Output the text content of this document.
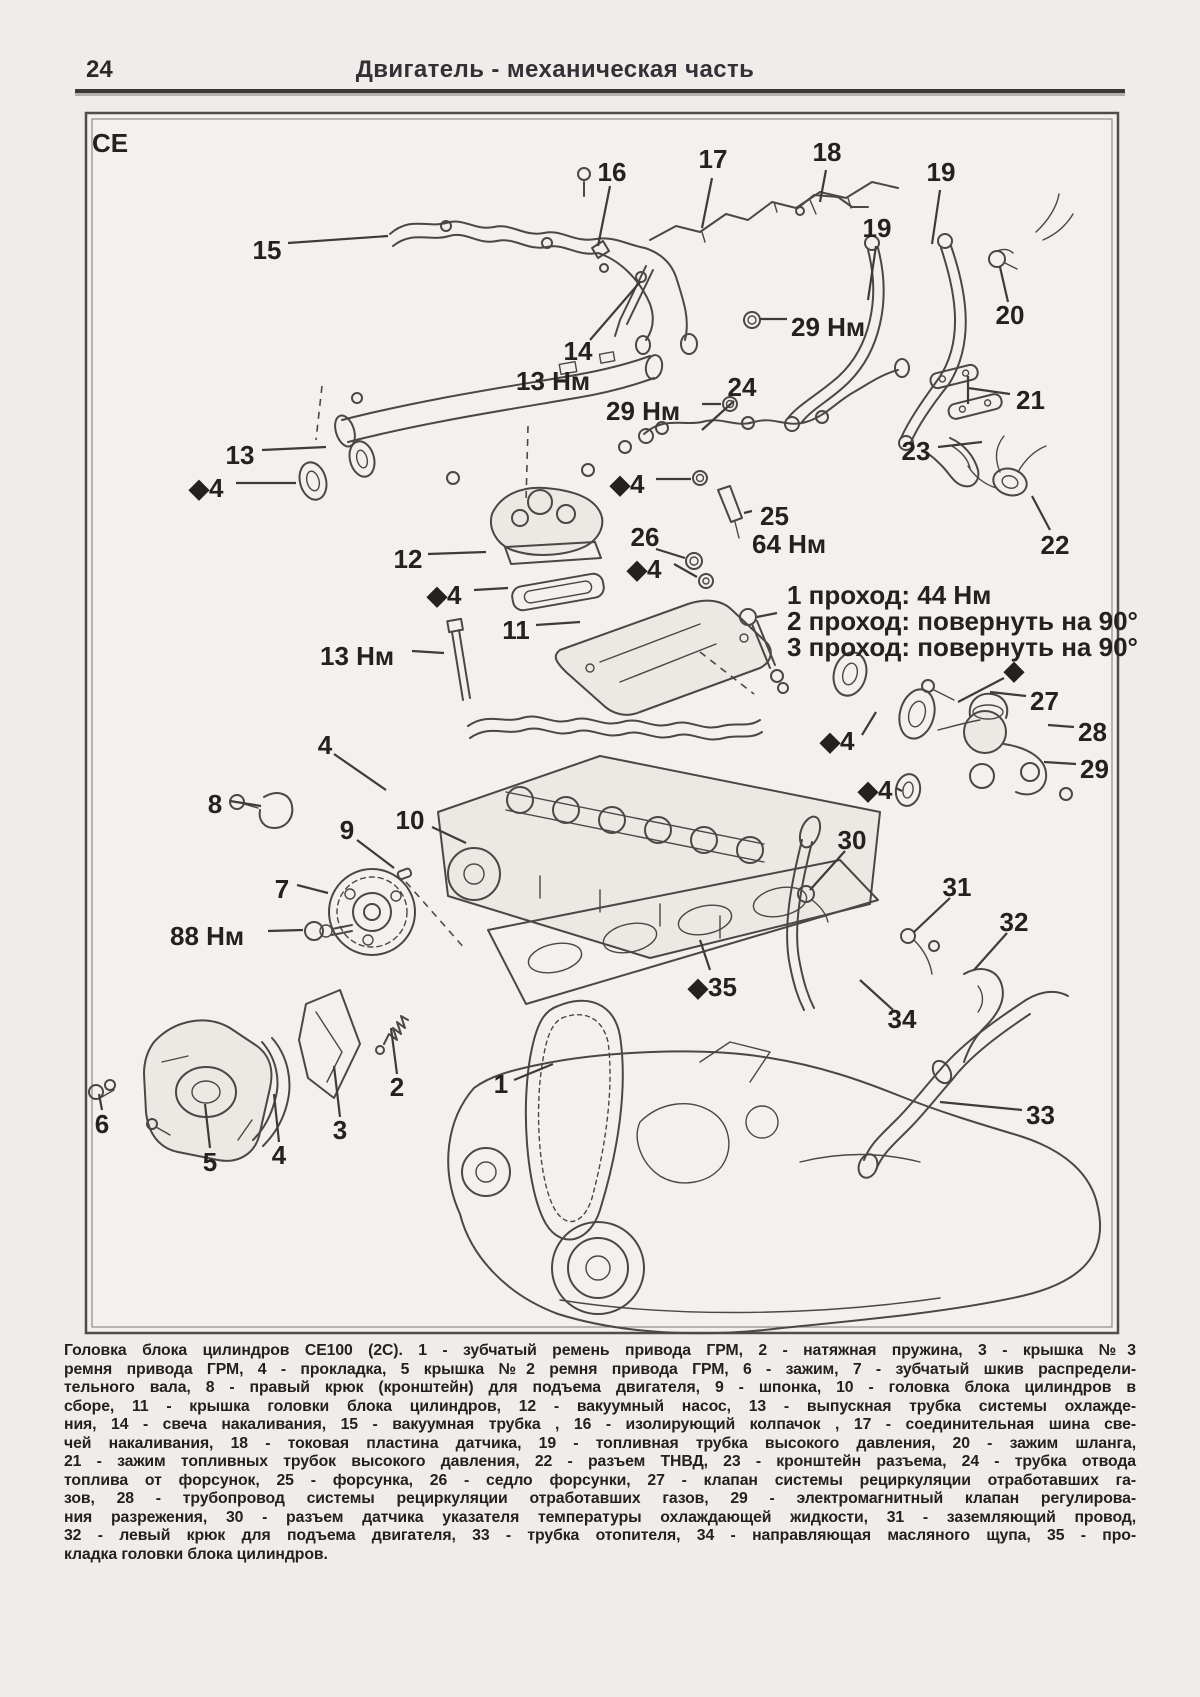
24	Двигатель - механическая часть
CE
15
16	17	18
19
19
20
29 Нм
14
13 Нм	24
29 Нм	21
23
13
◆4	◆4
25
64 Нм
26
◆4
22
12
◆4	1 проход: 44 Нм
2 проход: повернуть на 90°
3 проход: повернуть на 90°
11
13 Нм	◆
27
28
29
◆4
◆4
4
8
10
9
7
88 Нм
30
31
32
◆35
34
1
33
6
5 4
3
2
Головка блока цилиндров CE100 (2C). 1 - зубчатый ремень привода ГРМ, 2 - натяжная пружина, 3 - крышка №3
ремня привода ГРМ, 4 - прокладка, 5 крышка №2 ремня привода ГРМ, 6 - зажим, 7 - зубчатый шкив распредели-
тельного вала, 8 - правый крюк (кронштейн) для подъема двигателя, 9 - шпонка, 10 - головка блока цилиндров в
сборе, 11 - крышка головки блока цилиндров, 12 - вакуумный насос, 13 - выпускная трубка системы охлажде-
ния, 14 - свеча накаливания, 15 - вакуумная трубка , 16 - изолирующий колпачок , 17 - соединительная шина све-
чей накаливания, 18 - токовая пластина датчика, 19 - топливная трубка высокого давления, 20 - зажим шланга,
21 - зажим топливных трубок высокого давления, 22 - разъем ТНВД, 23 - кронштейн разъема, 24 - трубка отвода
топлива от форсунок, 25 - форсунка, 26 - седло форсунки, 27 - клапан системы рециркуляции отработавших га-
зов, 28 - трубопровод системы рециркуляции отработавших газов, 29 - электромагнитный клапан регулирова-
ния разрежения, 30 - разъем датчика указателя температуры охлаждающей жидкости, 31 - заземляющий провод,
32 - левый крюк для подъема двигателя, 33 - трубка отопителя, 34 - направляющая масляного щупа, 35 - про-
кладка головки блока цилиндров.
